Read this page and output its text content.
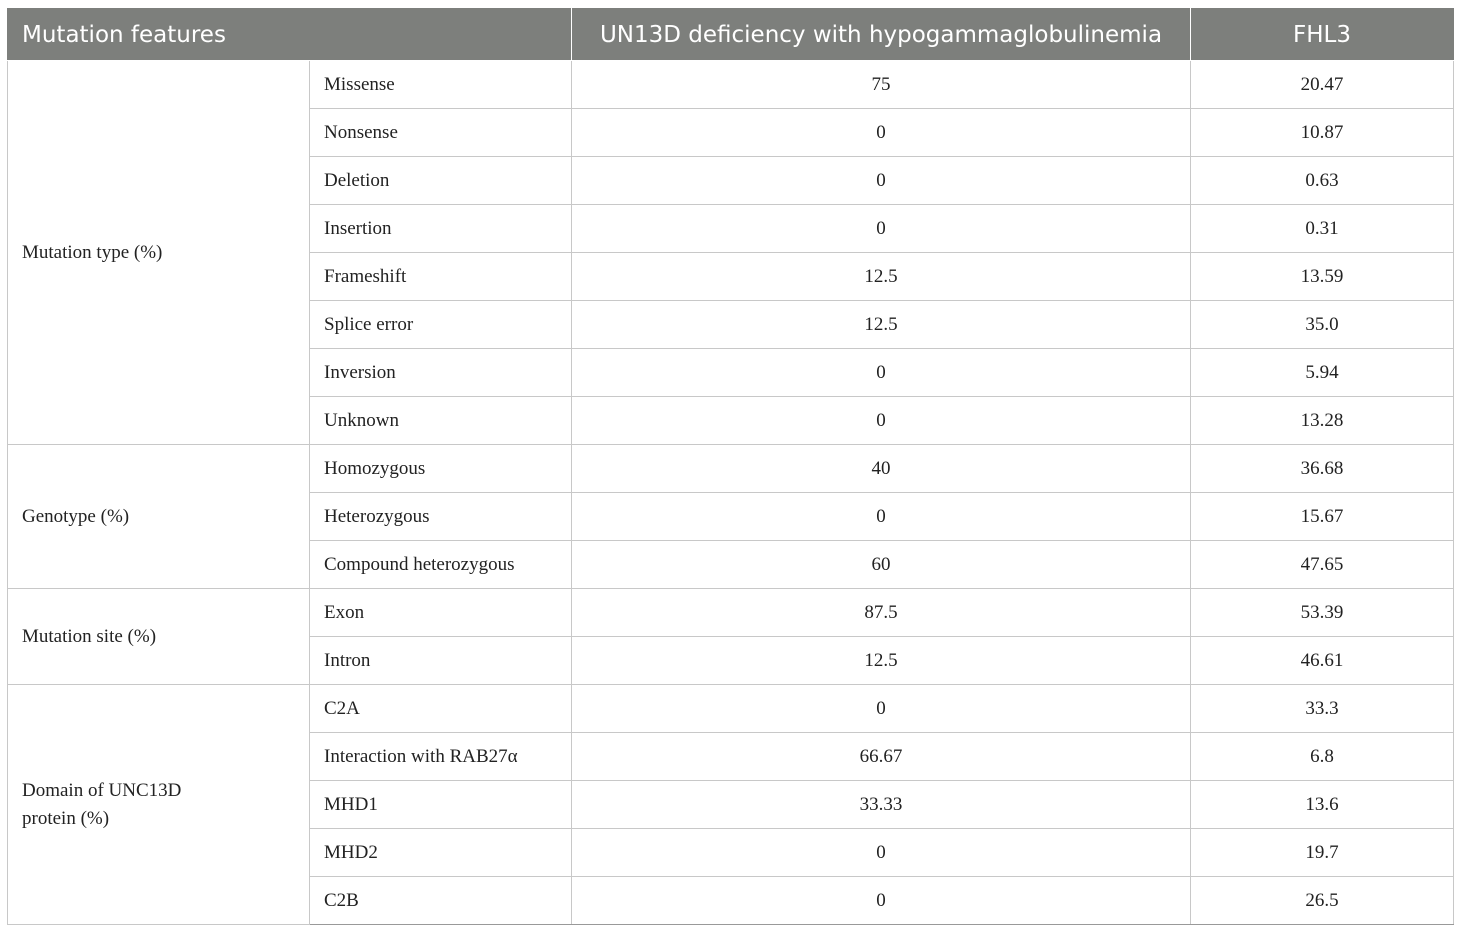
Mutation features		UN13D deficiency with hypogammaglobulinemia	FHL3
Mutation type (%)	Missense	75	20.47
	Nonsense	0	10.87
	Deletion	0	0.63
	Insertion	0	0.31
	Frameshift	12.5	13.59
	Splice error	12.5	35.0
	Inversion	0	5.94
	Unknown	0	13.28
Genotype (%)	Homozygous	40	36.68
	Heterozygous	0	15.67
	Compound heterozygous	60	47.65
Mutation site (%)	Exon	87.5	53.39
	Intron	12.5	46.61
Domain of UNC13D protein (%)	C2A	0	33.3
	Interaction with RAB27α	66.67	6.8
	MHD1	33.33	13.6
	MHD2	0	19.7
	C2B	0	26.5
